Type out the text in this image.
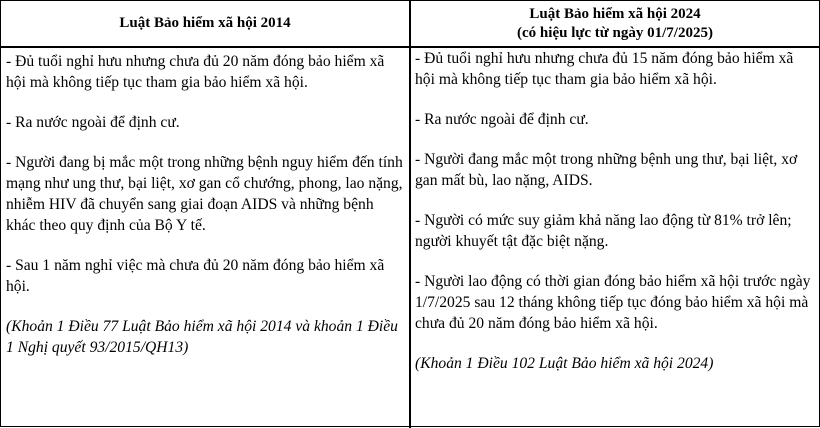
Luật Bảo hiểm xã hội 2014
Luật Bảo hiểm xã hội 2024
(có hiệu lực từ ngày 01/7/2025)

- Đủ tuổi nghỉ hưu nhưng chưa đủ 20 năm đóng bảo hiểm xã hội mà không tiếp tục tham gia bảo hiểm xã hội.

- Ra nước ngoài để định cư.

- Người đang bị mắc một trong những bệnh nguy hiểm đến tính mạng như ung thư, bại liệt, xơ gan cổ chướng, phong, lao nặng, nhiễm HIV đã chuyển sang giai đoạn AIDS và những bệnh khác theo quy định của Bộ Y tế.

- Sau 1 năm nghỉ việc mà chưa đủ 20 năm đóng bảo hiểm xã hội.

(Khoản 1 Điều 77 Luật Bảo hiểm xã hội 2014 và khoản 1 Điều 1 Nghị quyết 93/2015/QH13)

- Đủ tuổi nghỉ hưu nhưng chưa đủ 15 năm đóng bảo hiểm xã hội mà không tiếp tục tham gia bảo hiểm xã hội.

- Ra nước ngoài để định cư.

- Người đang mắc một trong những bệnh ung thư, bại liệt, xơ gan mất bù, lao nặng, AIDS.

- Người có mức suy giảm khả năng lao động từ 81% trở lên; người khuyết tật đặc biệt nặng.

- Người lao động có thời gian đóng bảo hiểm xã hội trước ngày 1/7/2025 sau 12 tháng không tiếp tục đóng bảo hiểm xã hội mà chưa đủ 20 năm đóng bảo hiểm xã hội.

(Khoản 1 Điều 102 Luật Bảo hiểm xã hội 2024)
